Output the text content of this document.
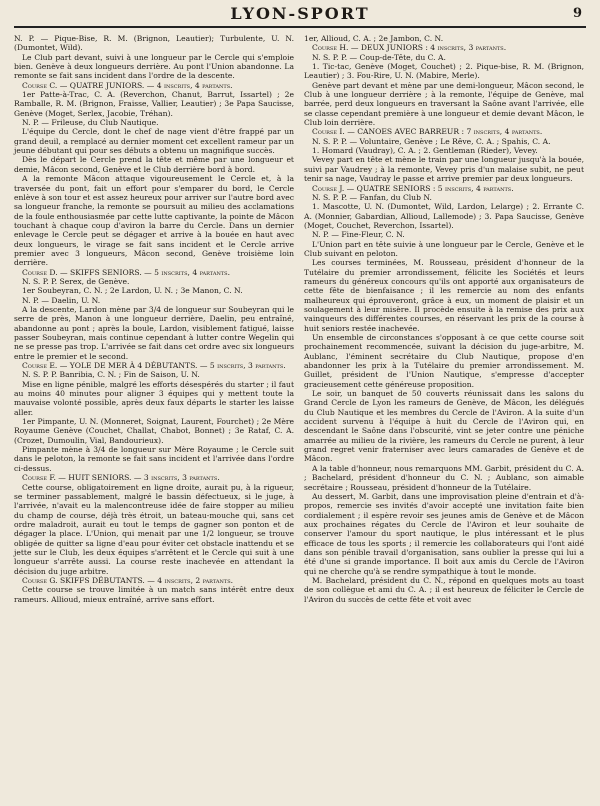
LYON-SPORT	9

N. P. — Pique-Bise, R. M. (Brignon, Leautier); Turbulente, U. N. (Dumontet, Wild).

Le Club part devant, suivi à une longueur par le Cercle qui s'emploie bien. Genève à deux longueurs derrière. Au pont l'Union abandonne. La remonte se fait sans incident dans l'ordre de la descente.

Course C. — QUATRE JUNIORS. — 4 inscrits, 4 partants.

1er Patte-à-Trac, C. A. (Reverchon, Chanut, Barrut, Issartel) ; 2e Ramballe, R. M. (Brignon, Fraisse, Vallier, Leautier) ; 3e Papa Saucisse, Genève (Moget, Serlex, Jacobie, Tréhan).

N. P. — Frileuse, du Club Nautique.

L'équipe du Cercle, dont le chef de nage vient d'être frappé par un grand deuil, a remplacé au dernier moment cet excellent rameur par un jeune débutant qui pour ses débuts a obtenu un magnifique succès.

Dès le départ le Cercle prend la tête et même par une longueur et demie, Mâcon second, Genève et le Club derrière bord à bord.

A la remonte Mâcon attaque vigoureusement le Cercle et, à la traversée du pont, fait un effort pour s'emparer du bord, le Cercle enlève à son tour et est assez heureux pour arriver sur l'autre bord avec sa longueur franche, la remonte se poursuit au milieu des acclamations de la foule enthousiasmée par cette lutte captivante, la pointe de Mâcon touchant à chaque coup d'aviron la barre du Cercle. Dans un dernier enlevage le Cercle peut se dégager et arrive à la bouée en haut avec deux longueurs, le virage se fait sans incident et le Cercle arrive premier avec 3 longueurs, Mâcon second, Genève troisième loin derrière.

Course D. — SKIFFS SENIORS. — 5 inscrits, 4 partants.

N. S. P. P. Serex, de Genève.

1er Soubeyran, C. N. ; 2e Lardon, U. N. ; 3e Manon, C. N.

N. P. — Daelin, U. N.

A la descente, Lardon mène par 3/4 de longueur sur Soubeyran qui le serre de près, Manon à une longueur derrière, Daelin, peu entraîné, abandonne au pont ; après la boule, Lardon, visiblement fatigué, laisse passer Soubeyran, mais continue cependant à lutter contre Wegelin qui ne se presse pas trop. L'arrivée se fait dans cet ordre avec six longueurs entre le premier et le second.

Course E. — YOLE DE MER À 4 DÉBUTANTS. — 5 inscrits, 3 partants.

N. S. P. P. Banribia, C. N. ; Fin de Saison, U. N.

Mise en ligne pénible, malgré les efforts désespérés du starter ; il faut au moins 40 minutes pour aligner 3 équipes qui y mettent toute la mauvaise volonté possible, après deux faux départs le starter les laisse aller.

1er Pimpante, U. N. (Monneret, Soignat, Laurent, Fourchet) ; 2e Mère Royaume Genève (Couchet, Challat, Chabot, Bonnet) ; 3e Rataf, C. A. (Crozet, Dumoulin, Vial, Bandourieux).

Pimpante mène à 3/4 de longueur sur Mère Royaume ; le Cercle suit dans le peloton, la remonte se fait sans incident et l'arrivée dans l'ordre ci-dessus.

Course F. — HUIT SENIORS. — 3 inscrits, 3 partants.

Cette course, obligatoirement en ligne droite, aurait pu, à la rigueur, se terminer passablement, malgré le bassin défectueux, si le juge, à l'arrivée, n'avait eu la malencontreuse idée de faire stopper au milieu du champ de course, déjà très étroit, un bateau-mouche qui, sans cet ordre maladroit, aurait eu tout le temps de gagner son ponton et de dégager la place. L'Union, qui menait par une 1/2 longueur, se trouve obligée de quitter sa ligne d'eau pour éviter cet obstacle inattendu et se jette sur le Club, les deux équipes s'arrêtent et le Cercle qui suit à une longueur s'arrête aussi. La course reste inachevée en attendant la décision du juge arbitre.

Course G. SKIFFS DÉBUTANTS. — 4 inscrits, 2 partants.

Cette course se trouve limitée à un match sans intérêt entre deux rameurs. Allioud, mieux entraîné, arrive sans effort.

1er, Allioud, C. A. ; 2e Jambon, C. N.

Course H. — DEUX JUNIORS : 4 inscrits, 3 partants.

N. S. P. P. — Coup-de-Tête, du C. A.

1. Tic-tac, Genève (Moget, Couchet) ; 2. Pique-bise, R. M. (Brignon, Leautier) ; 3. Fou-Rire, U. N. (Mabire, Merle).

Genève part devant et mène par une demi-longueur, Mâcon second, le Club à une longueur derrière ; à la remonte, l'équipe de Genève, mal barrée, perd deux longueurs en traversant la Saône avant l'arrivée, elle se classe cependant première à une longueur et demie devant Mâcon, le Club loin derrière.

Course I. — CANOES AVEC BARREUR : 7 inscrits, 4 partants.

N. S. P. P. — Voluntaire, Genève ; Le Rêve, C. A. ; Spahis, C. A.

1. Homard (Vaudray), C. A. ; 2. Gentleman (Rieder), Vevey.

Vevey part en tête et mène le train par une longueur jusqu'à la bouée, suivi par Vaudrey ; à la remonte, Vevey pris d'un malaise subit, ne peut tenir sa nage, Vaudray le passe et arrive premier par deux longueurs.

Course J. — QUATRE SENIORS : 5 inscrits, 4 partants.

N. S. P. P. — Fanfan, du Club N.

1. Mascotte, U. N. (Dumontet, Wild, Lardon, Lelarge) ; 2. Errante C. A. (Monnier, Gabardian, Allioud, Lallemode) ; 3. Papa Saucisse, Genève (Moget, Couchet, Reverchon, Issartel).

N. P. — Fine-Fleur, C. N.

L'Union part en tête suivie à une longueur par le Cercle, Genève et le Club suivant en peloton.

Les courses terminées, M. Rousseau, président d'honneur de la Tutélaire du premier arrondissement, félicite les Sociétés et leurs rameurs du généreux concours qu'ils ont apporté aux organisateurs de cette fête de bienfaisance ; il les remercie au nom des enfants malheureux qui éprouveront, grâce à eux, un moment de plaisir et un soulagement à leur misère. Il procède ensuite à la remise des prix aux vainqueurs des différentes courses, en réservant les prix de la course à huit seniors restée inachevée.

Un ensemble de circonstances s'opposant à ce que cette course soit prochainement recommencée, suivant la décision du juge-arbitre, M. Aublanc, l'éminent secrétaire du Club Nautique, propose d'en abandonner les prix à la Tutélaire du premier arrondissement. M. Guillet, président de l'Union Nautique, s'empresse d'accepter gracieusement cette généreuse proposition.

Le soir, un banquet de 50 couverts réunissait dans les salons du Grand Cercle de Lyon les rameurs de Genève, de Mâcon, les délégués du Club Nautique et les membres du Cercle de l'Aviron. A la suite d'un accident survenu à l'équipe à huit du Cercle de l'Aviron qui, en descendant le Saône dans l'obscurité, vint se jeter contre une péniche amarrée au milieu de la rivière, les rameurs du Cercle ne purent, à leur grand regret venir fraterniser avec leurs camarades de Genève et de Mâcon.

A la table d'honneur, nous remarquons MM. Garbit, président du C. A. ; Bachelard, président d'honneur du C. N. ; Aublanc, son aimable secrétaire ; Rousseau, président d'honneur de la Tutélaire.

Au dessert, M. Garbit, dans une improvisation pleine d'entrain et d'à-propos, remercie ses invités d'avoir accepté une invitation faite bien cordialement ; il espère revoir ses jeunes amis de Genève et de Mâcon aux prochaines régates du Cercle de l'Aviron et leur souhaite de conserver l'amour du sport nautique, le plus intéressant et le plus efficace de tous les sports ; il remercie les collaborateurs qui l'ont aidé dans son pénible travail d'organisation, sans oublier la presse qui lui a été d'une si grande importance. Il boit aux amis du Cercle de l'Aviron qui ne cherche qu'à se rendre sympathique à tout le monde.

M. Bachelard, président du C. N., répond en quelques mots au toast de son collègue et ami du C. A. ; il est heureux de féliciter le Cercle de l'Aviron du succès de cette fête et voit avec
